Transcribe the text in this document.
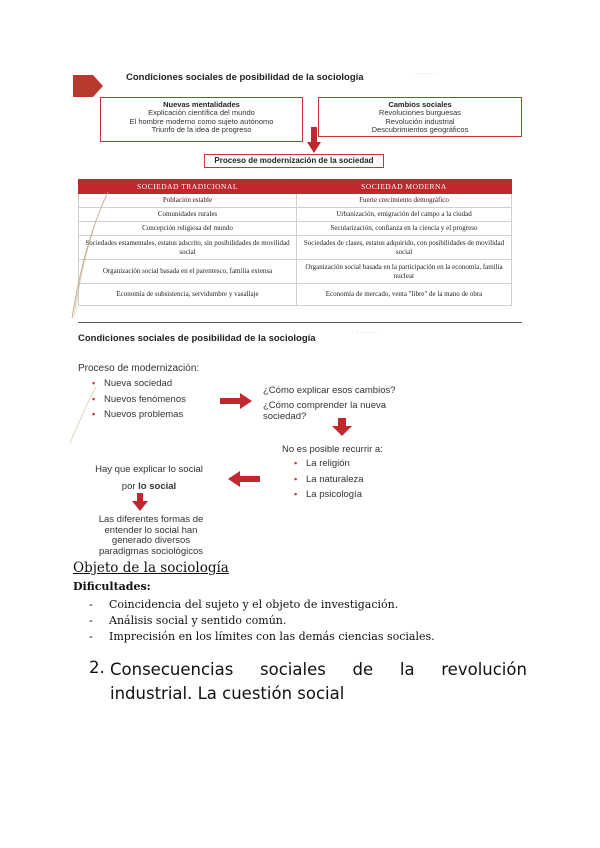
Condiciones sociales de posibilidad de la sociología	· ······· ·
Nuevas mentalidades
Explicación científica del mundo
El hombre moderno como sujeto autónomo
Triunfo de la idea de progreso
Cambios sociales
Revoluciones burguesas
Revolución industrial
Descubrimientos geográficos
Proceso de modernización de la sociedad
SOCIEDAD TRADICIONAL	SOCIEDAD MODERNA
Población estable	Fuerte crecimiento demográfico
Comunidades rurales	Urbanización, emigración del campo a la ciudad
Concepción religiosa del mundo	Secularización, confianza en la ciencia y el progreso
Sociedades estamentales, estatus adscrito, sin posibilidades de movilidad social	Sociedades de clases, estatus adquirido, con posibilidades de movilidad social
Organización social basada en el parentesco, familia extensa	Organización social basada en la participación en la economía, familia nuclear
Economía de subsistencia, servidumbre y vasallaje	Economía de mercado, venta "libre" de la mano de obra
Condiciones sociales de posibilidad de la sociología	· ······· ·
Proceso de modernización:
▪ Nueva sociedad
▪ Nuevos fenómenos
▪ Nuevos problemas
¿Cómo explicar esos cambios?
¿Cómo comprender la nueva sociedad?
No es posible recurrir a:
▪ La religión
▪ La naturaleza
▪ La psicología
Hay que explicar lo social
por lo social
Las diferentes formas de entender lo social han generado diversos paradigmas sociológicos
Objeto de la sociología
Dificultades:
- Coincidencia del sujeto y el objeto de investigación.
- Análisis social y sentido común.
- Imprecisión en los límites con las demás ciencias sociales.
2. Consecuencias sociales de la revolución
industrial. La cuestión social
